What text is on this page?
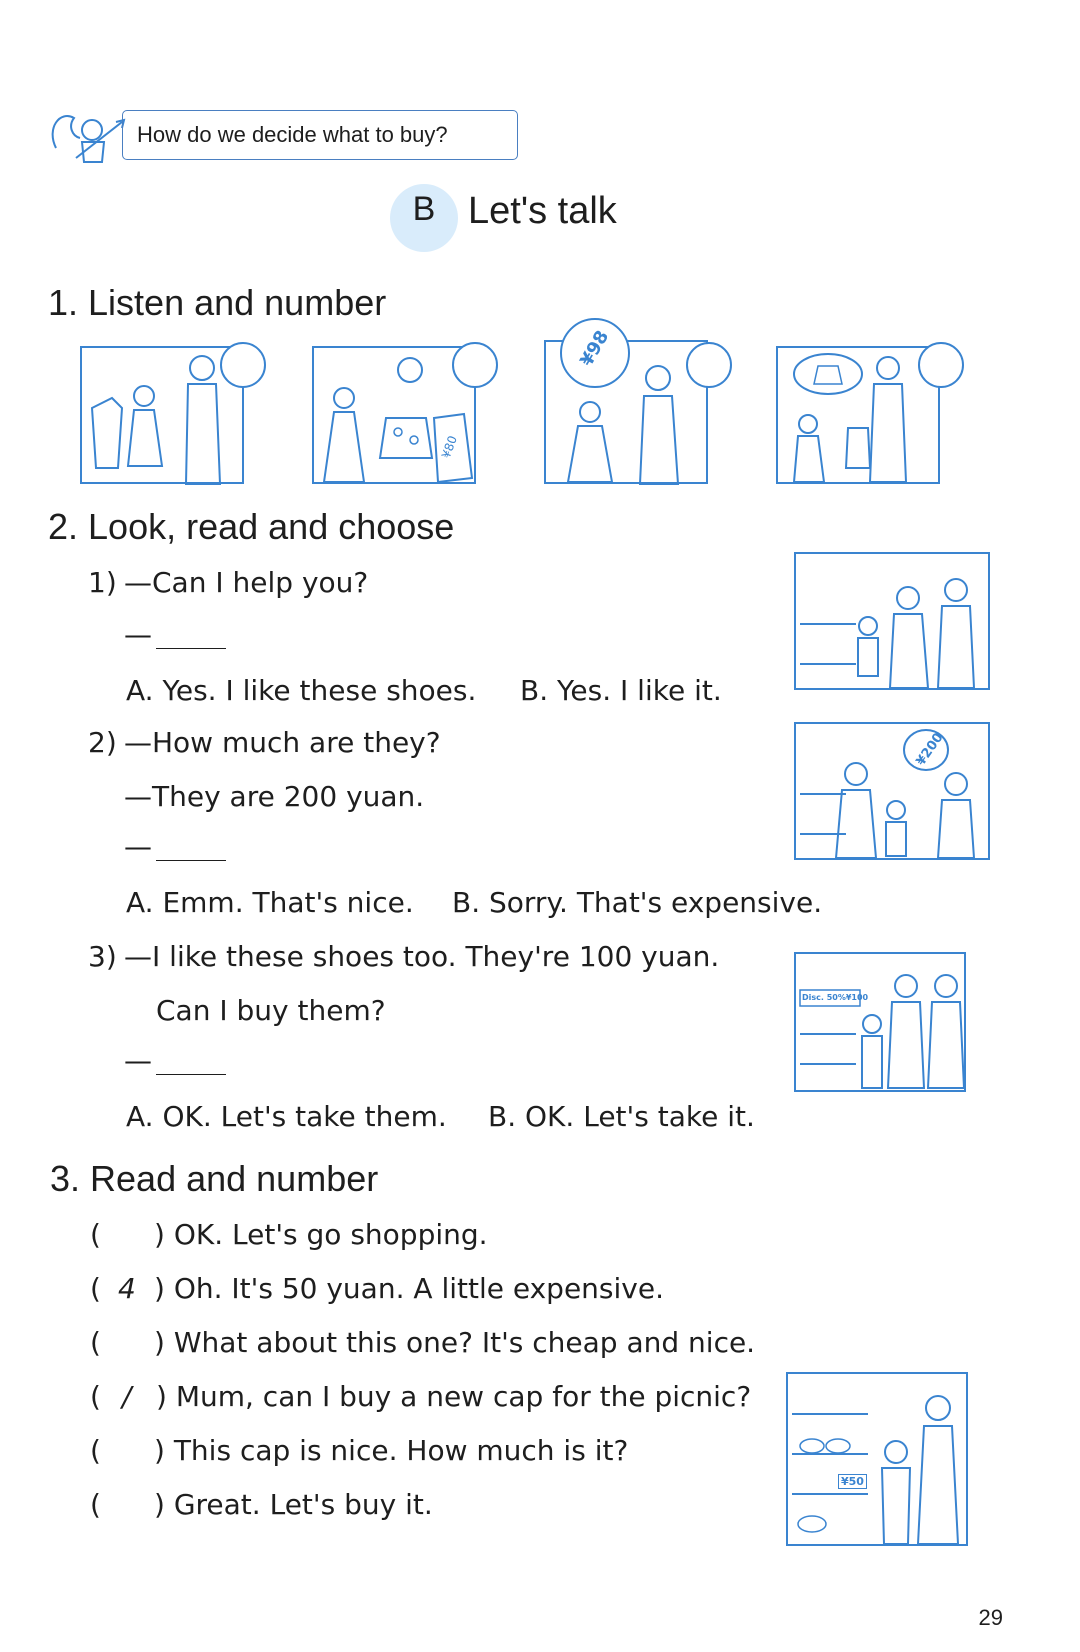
How do we decide what to buy?
B Let's talk
1. Listen and number
¥80
¥98
2. Look, read and choose
1) —Can I help you?
—
A. Yes. I like these shoes. B. Yes. I like it.
2) —How much are they?
—They are 200 yuan.
—
A. Emm. That's nice. B. Sorry. That's expensive.
¥200
3) —I like these shoes too. They're 100 yuan.
Can I buy them?
—
A. OK. Let's take them. B. OK. Let's take it.
Disc. 50%¥100
3. Read and number
( ) OK. Let's go shopping.
( 4 ) Oh. It's 50 yuan. A little expensive.
( ) What about this one? It's cheap and nice.
( / ) Mum, can I buy a new cap for the picnic?
( ) This cap is nice. How much is it?
( ) Great. Let's buy it.
¥50
29
